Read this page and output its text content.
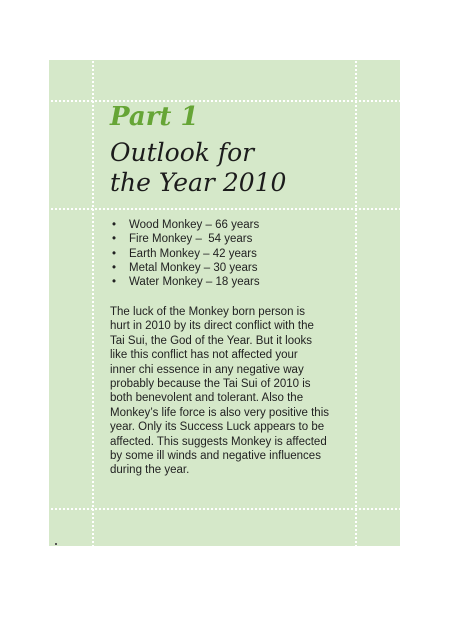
Part 1
Outlook for
the Year 2010
• Wood Monkey – 66 years
• Fire Monkey –  54 years
• Earth Monkey – 42 years
• Metal Monkey – 30 years
• Water Monkey – 18 years

The luck of the Monkey born person is
hurt in 2010 by its direct conflict with the
Tai Sui, the God of the Year. But it looks
like this conflict has not affected your
inner chi essence in any negative way
probably because the Tai Sui of 2010 is
both benevolent and tolerant. Also the
Monkey’s life force is also very positive this
year. Only its Success Luck appears to be
affected. This suggests Monkey is affected
by some ill winds and negative influences
during the year.
